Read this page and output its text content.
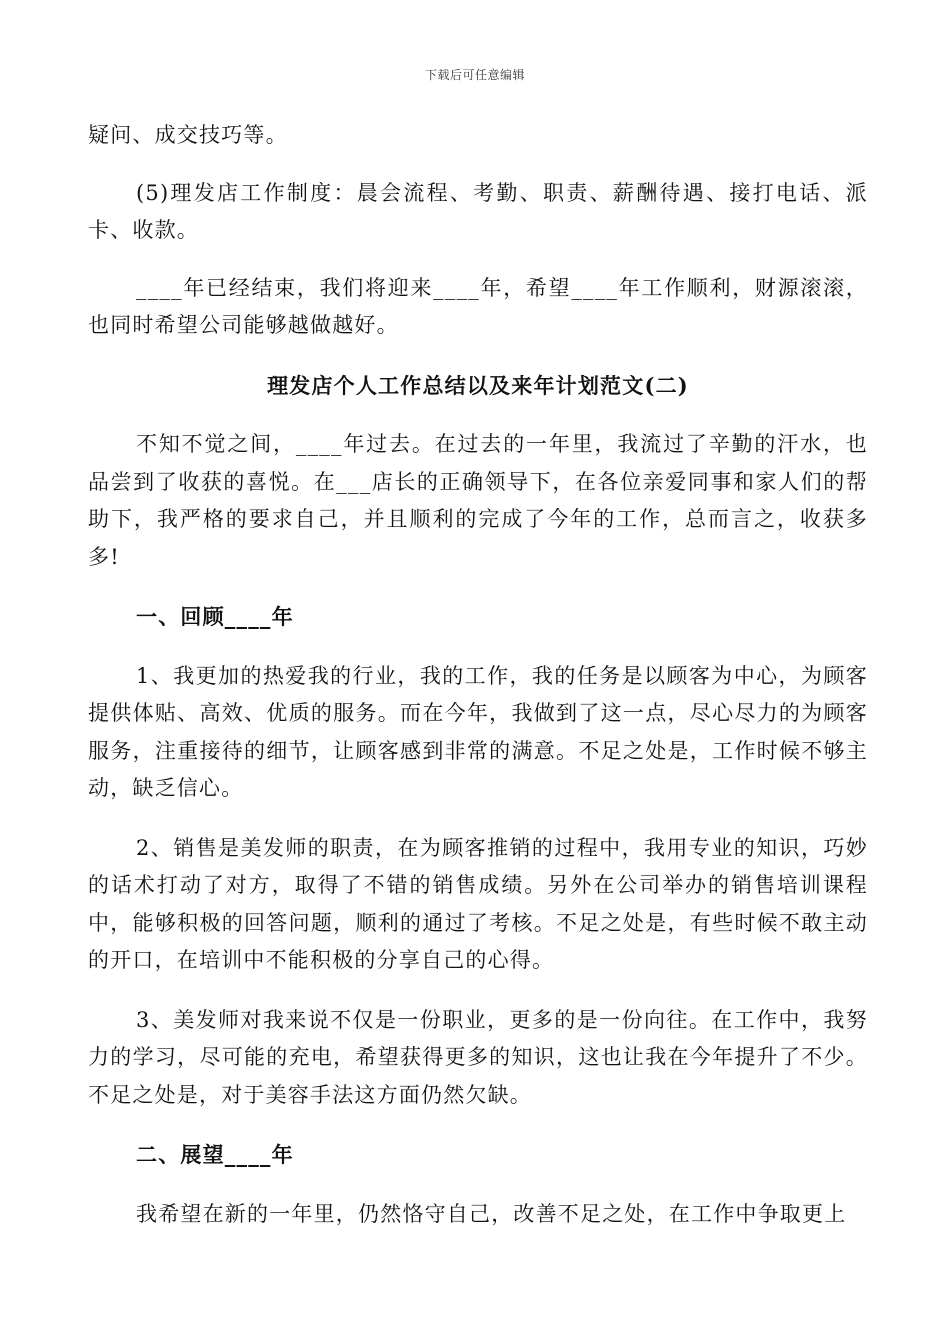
下载后可任意编辑

疑问、成交技巧等。

(5)理发店工作制度：晨会流程、考勤、职责、薪酬待遇、接打电话、派卡、收款。

____年已经结束，我们将迎来____年，希望____年工作顺利，财源滚滚，也同时希望公司能够越做越好。

理发店个人工作总结以及来年计划范文(二)

不知不觉之间，____年过去。在过去的一年里，我流过了辛勤的汗水，也品尝到了收获的喜悦。在___店长的正确领导下，在各位亲爱同事和家人们的帮助下，我严格的要求自己，并且顺利的完成了今年的工作，总而言之，收获多多!

一、回顾____年

1、我更加的热爱我的行业，我的工作，我的任务是以顾客为中心，为顾客提供体贴、高效、优质的服务。而在今年，我做到了这一点，尽心尽力的为顾客服务，注重接待的细节，让顾客感到非常的满意。不足之处是，工作时候不够主动，缺乏信心。

2、销售是美发师的职责，在为顾客推销的过程中，我用专业的知识，巧妙的话术打动了对方，取得了不错的销售成绩。另外在公司举办的销售培训课程中，能够积极的回答问题，顺利的通过了考核。不足之处是，有些时候不敢主动的开口，在培训中不能积极的分享自己的心得。

3、美发师对我来说不仅是一份职业，更多的是一份向往。在工作中，我努力的学习，尽可能的充电，希望获得更多的知识，这也让我在今年提升了不少。不足之处是，对于美容手法这方面仍然欠缺。

二、展望____年

我希望在新的一年里，仍然恪守自己，改善不足之处，在工作中争取更上
